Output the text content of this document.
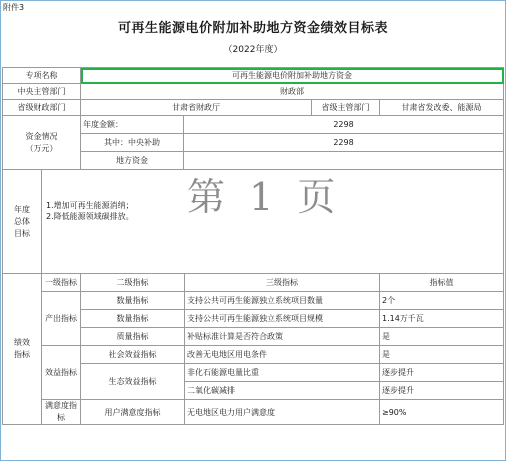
附件3
可再生能源电价附加补助地方资金绩效目标表
（2022年度）
专项名称		可再生能源电价附加补助地方资金			
中央主管部门		财政部			
省级财政部门		甘肃省财政厅		省级主管部门	甘肃省发改委、能源局
资金情况
（万元）		年度金额：	2298		
		其中：中央补助	2298		
		地方资金			
年度总体目标	1.增加可再生能源消纳；
2.降低能源领域碳排放。 第 1 页				

绩效指标	一级指标	二级指标	三级指标		指标值
	产出指标	数量指标	支持公共可再生能源独立系统项目数量		2个
		数量指标	支持公共可再生能源独立系统项目规模		1.14万千瓦
		质量指标	补贴标准计算是否符合政策		是
	效益指标	社会效益指标	改善无电地区用电条件		是
		生态效益指标	非化石能源电量比重		逐步提升
			二氧化碳减排		逐步提升
	满意度指标	用户满意度指标	无电地区电力用户满意度		≥90%
